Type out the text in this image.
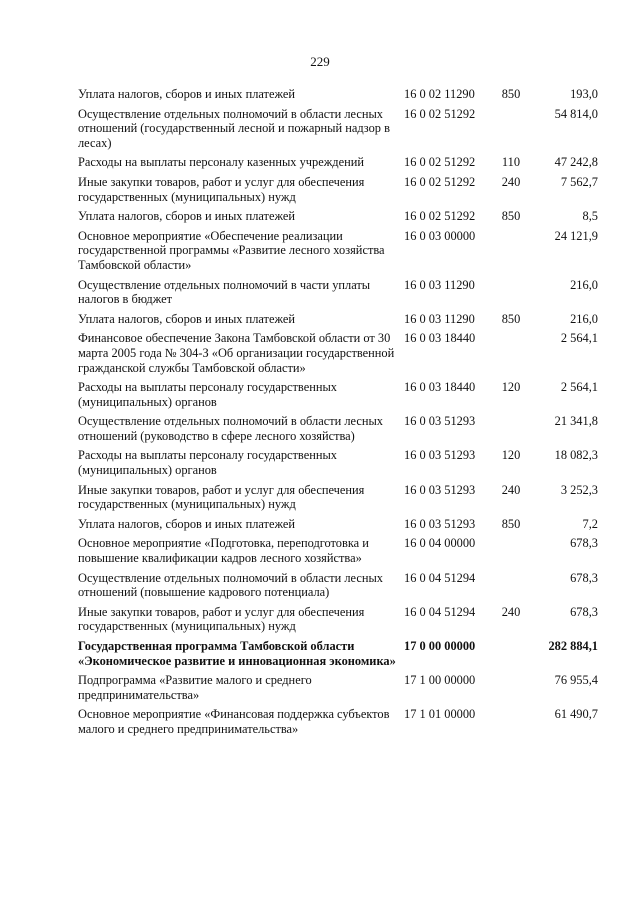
229
Уплата налогов, сборов и иных платежей	16 0 02 11290	850	193,0
Осуществление отдельных полномочий в области лесных отношений (государственный лесной и пожарный надзор в лесах)	16 0 02 51292		54 814,0
Расходы на выплаты персоналу казенных учреждений	16 0 02 51292	110	47 242,8
Иные закупки товаров, работ и услуг для обеспечения государственных (муниципальных) нужд	16 0 02 51292	240	7 562,7
Уплата налогов, сборов и иных платежей	16 0 02 51292	850	8,5
Основное мероприятие «Обеспечение реализации государственной программы «Развитие лесного хозяйства Тамбовской области»	16 0 03 00000		24 121,9
Осуществление отдельных полномочий в части уплаты налогов в бюджет	16 0 03 11290		216,0
Уплата налогов, сборов и иных платежей	16 0 03 11290	850	216,0
Финансовое обеспечение Закона Тамбовской области от 30 марта 2005 года № 304-З «Об организации государственной гражданской службы Тамбовской области»	16 0 03 18440		2 564,1
Расходы на выплаты персоналу государственных (муниципальных) органов	16 0 03 18440	120	2 564,1
Осуществление отдельных полномочий в области лесных отношений (руководство в сфере лесного хозяйства)	16 0 03 51293		21 341,8
Расходы на выплаты персоналу государственных (муниципальных) органов	16 0 03 51293	120	18 082,3
Иные закупки товаров, работ и услуг для обеспечения государственных (муниципальных) нужд	16 0 03 51293	240	3 252,3
Уплата налогов, сборов и иных платежей	16 0 03 51293	850	7,2
Основное мероприятие «Подготовка, переподготовка и повышение квалификации кадров лесного хозяйства»	16 0 04 00000		678,3
Осуществление отдельных полномочий в области лесных отношений (повышение кадрового потенциала)	16 0 04 51294		678,3
Иные закупки товаров, работ и услуг для обеспечения государственных (муниципальных) нужд	16 0 04 51294	240	678,3
Государственная программа Тамбовской области «Экономическое развитие и инновационная экономика»	17 0 00 00000		282 884,1
Подпрограмма «Развитие малого и среднего предпринимательства»	17 1 00 00000		76 955,4
Основное мероприятие «Финансовая поддержка субъектов малого и среднего предпринимательства»	17 1 01 00000		61 490,7
